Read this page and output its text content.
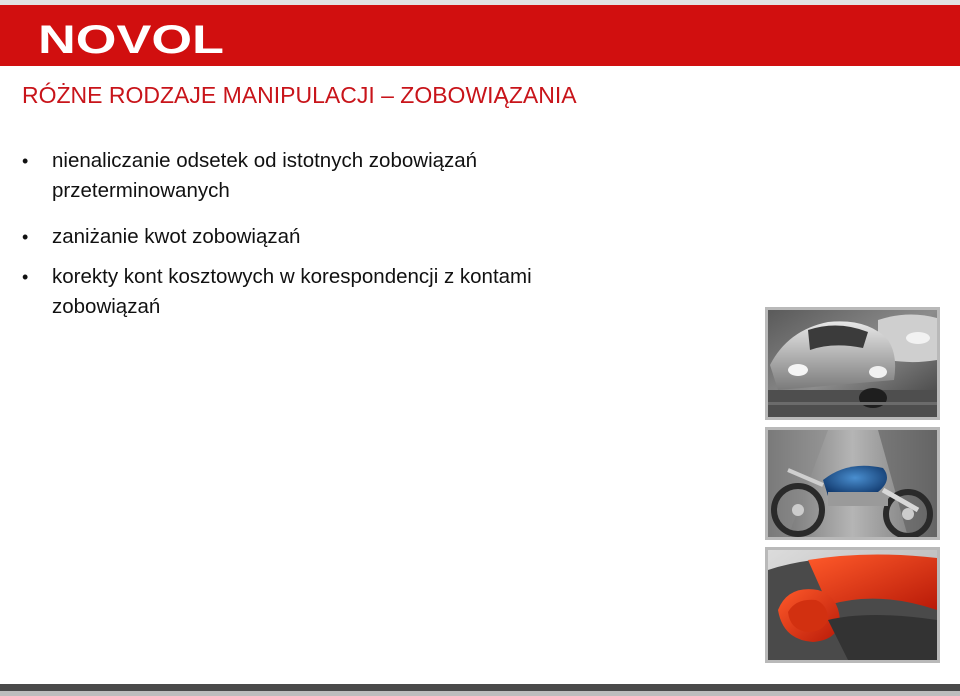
NOVOL
RÓŻNE RODZAJE MANIPULACJI – ZOBOWIĄZANIA
• nienaliczanie odsetek od istotnych zobowiązań
przeterminowanych
• zaniżanie kwot zobowiązań
• korekty kont kosztowych w korespondencji z kontami
zobowiązań
